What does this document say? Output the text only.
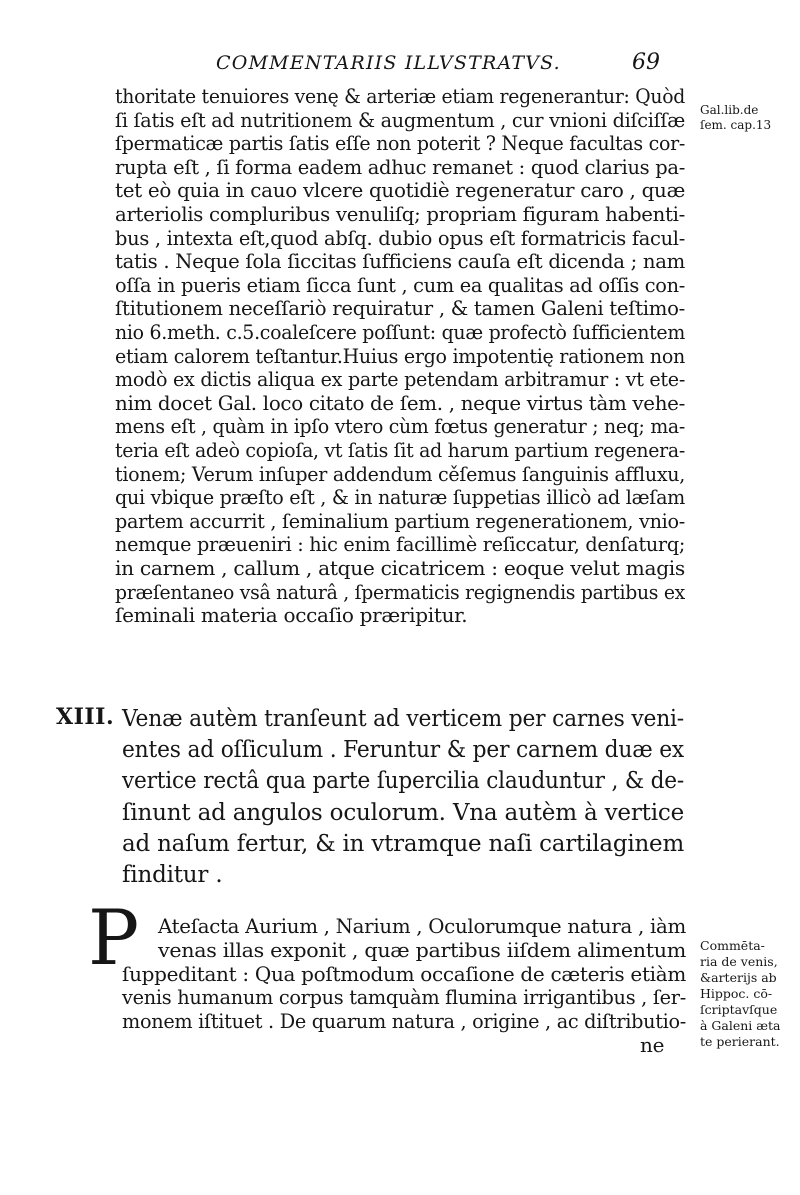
COMMENTARIIS ILLVSTRATVS.	69
thoritate tenuiores venę & arteriæ etiam regenerantur: Quòd
ſi ſatis eſt ad nutritionem & augmentum , cur vnioni diſciſſæ
ſpermaticæ partis ſatis eſſe non poterit ? Neque facultas cor-
rupta eſt , ſi forma eadem adhuc remanet : quod clarius pa-
tet eò quia in cauo vlcere quotidiè regeneratur caro , quæ
arteriolis compluribus venuliſq; propriam figuram habenti-
bus , intexta eſt,quod abſq. dubio opus eſt formatricis facul-
tatis . Neque ſola ſiccitas ſufficiens cauſa eſt dicenda ; nam
oſſa in pueris etiam ſicca ſunt , cum ea qualitas ad oſſis con-
ſtitutionem neceſſariò requiratur , & tamen Galeni teſtimo-
nio 6.meth. c.5.coaleſcere poſſunt: quæ profectò ſufficientem
etiam calorem teſtantur.Huius ergo impotentię rationem non
modò ex dictis aliqua ex parte petendam arbitramur : vt ete-
nim docet Gal. loco citato de ſem. , neque virtus tàm vehe-
mens eſt , quàm in ipſo vtero cùm fœtus generatur ; neq; ma-
teria eſt adeò copioſa, vt ſatis ſit ad harum partium regenera-
tionem; Verum inſuper addendum cěſemus ſanguinis affluxu,
qui vbique præſto eſt , & in naturæ ſuppetias illicò ad læſam
partem accurrit , ſeminalium partium regenerationem, vnio-
nemque præueniri : hic enim facillimè reſiccatur, denſaturq;
in carnem , callum , atque cicatricem : eoque velut magis
præſentaneo vsâ naturâ , ſpermaticis regignendis partibus ex
ſeminali materia occaſio præripitur.
Gal.lib.de
ſem. cap.13
XIII. Venæ autèm tranſeunt ad verticem per carnes veni-
entes ad oſſiculum . Feruntur & per carnem duæ ex
vertice rectâ qua parte ſupercilia clauduntur , & de-
ſinunt ad angulos oculorum. Vna autèm à vertice
ad naſum fertur, & in vtramque naſi cartilaginem
finditur .
P Ateſacta Aurium , Narium , Oculorumque natura , iàm
venas illas exponit , quæ partibus iiſdem alimentum
ſuppeditant : Qua poſtmodum occaſione de cæteris etiàm
venis humanum corpus tamquàm flumina irrigantibus , ſer-
monem iſtituet . De quarum natura , origine , ac diſtributio-
ne
Commēta-
ria de venis,
&arterijs ab
Hippoc. cō-
ſcriptavſque
à Galeni æta
te perierant.
